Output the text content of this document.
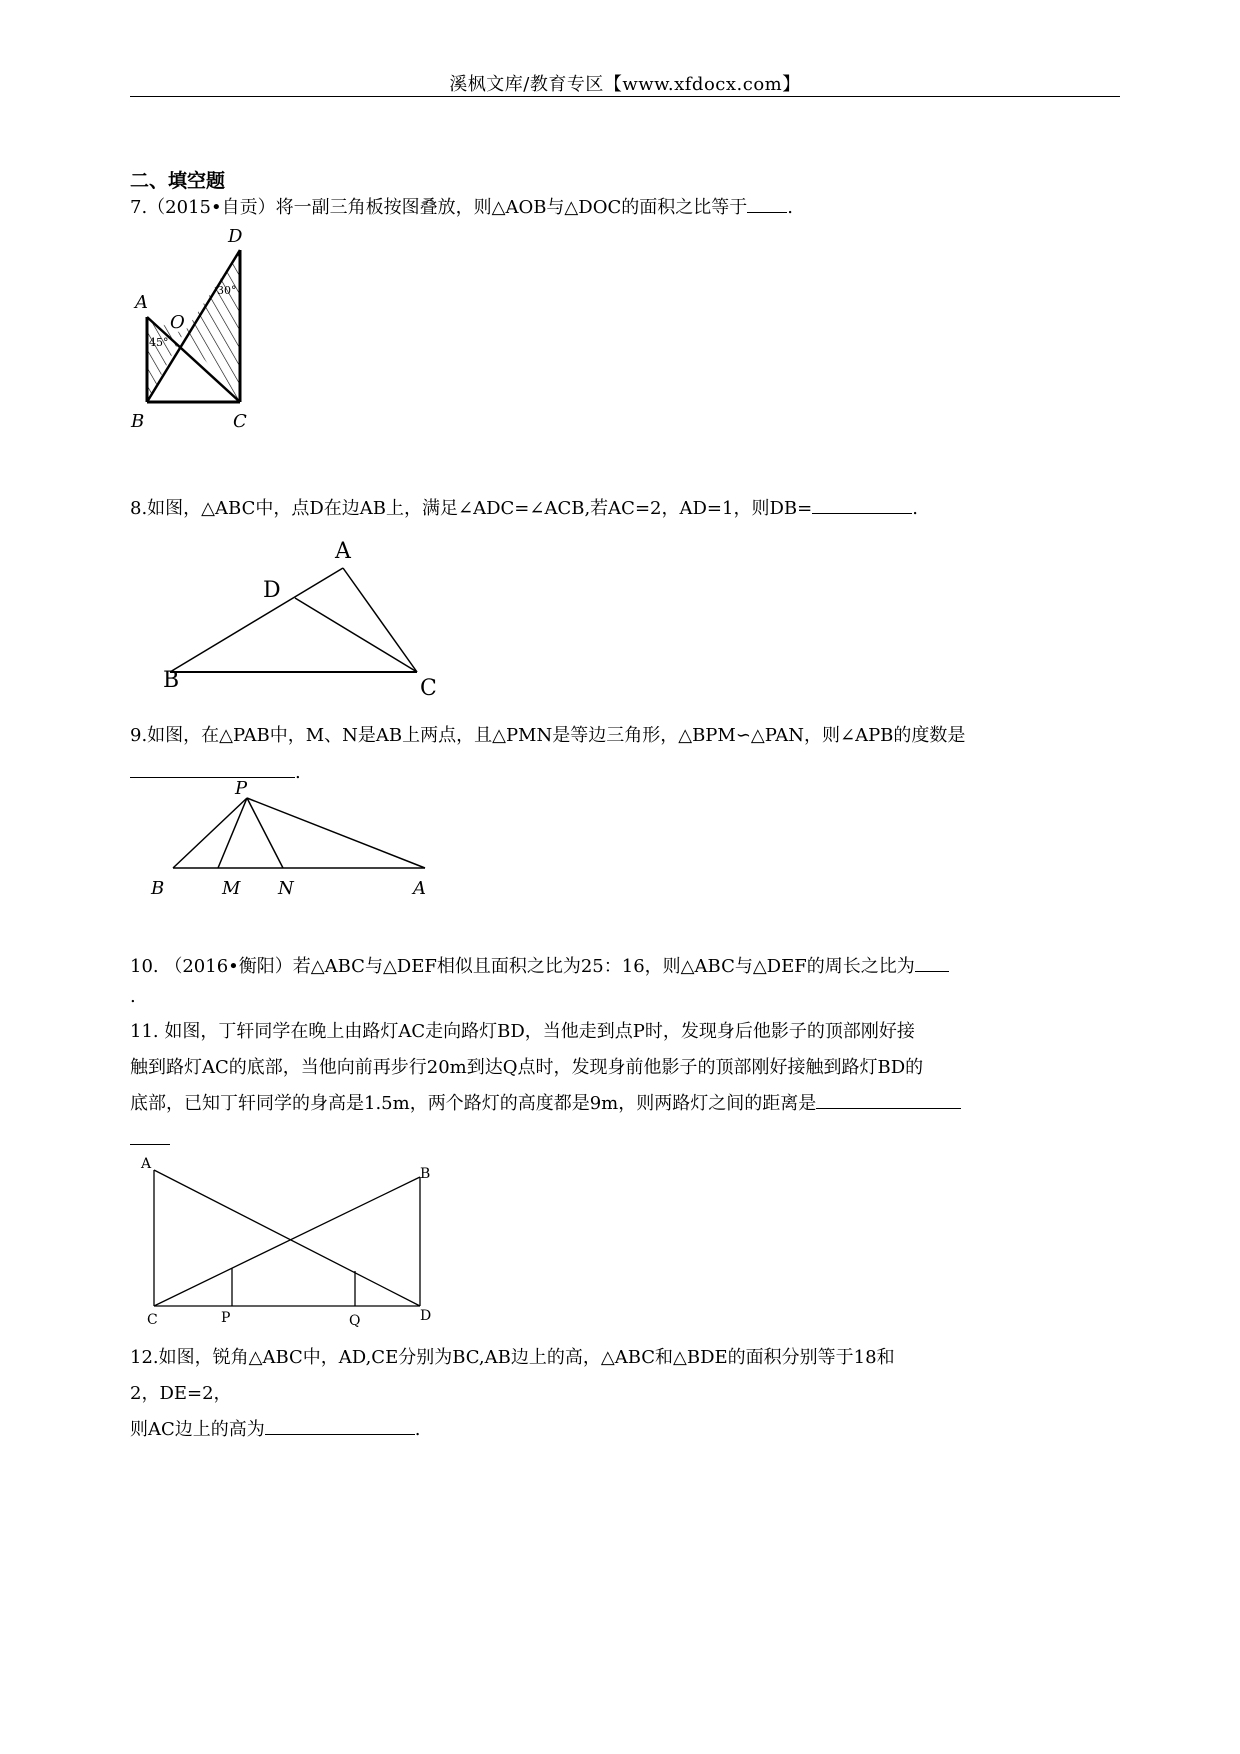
溪枫文库/教育专区【www.xfdocx.com】
二、填空题
7.（2015•自贡）将一副三角板按图叠放，则△AOB与△DOC的面积之比等于 .
D
A
O
B	C
45°
30°
8.如图，△ABC中，点D在边AB上，满足∠ADC=∠ACB,若AC=2，AD=1，则DB=	.
A
D
B	C
9.如图，在△PAB中，M、N是AB上两点，且△PMN是等边三角形，△BPM∽△PAN，则∠APB的度数是
.
P
B	M N	A
10. （2016•衡阳）若△ABC与△DEF相似且面积之比为25：16，则△ABC与△DEF的周长之比为
.
11. 如图，丁轩同学在晚上由路灯AC走向路灯BD，当他走到点P时，发现身后他影子的顶部刚好接
触到路灯AC的底部，当他向前再步行20m到达Q点时，发现身前他影子的顶部刚好接触到路灯BD的
底部，已知丁轩同学的身高是1.5m，两个路灯的高度都是9m，则两路灯之间的距离是
A
B
C	P	Q	D
12.如图，锐角△ABC中，AD,CE分别为BC,AB边上的高，△ABC和△BDE的面积分别等于18和
2，DE=2，
则AC边上的高为	.
